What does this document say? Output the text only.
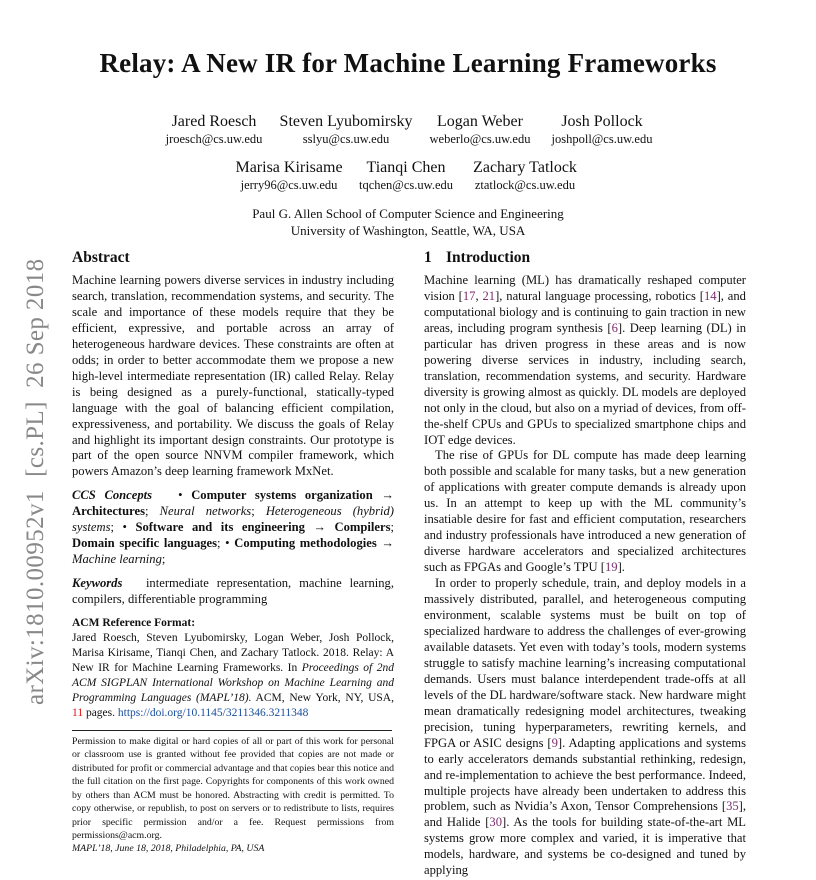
Relay: A New IR for Machine Learning Frameworks
Jared Roesch
jroesch@cs.uw.edu
Steven Lyubomirsky
sslyu@cs.uw.edu
Logan Weber
weberlo@cs.uw.edu
Josh Pollock
joshpoll@cs.uw.edu
Marisa Kirisame
jerry96@cs.uw.edu
Tianqi Chen
tqchen@cs.uw.edu
Zachary Tatlock
ztatlock@cs.uw.edu
Paul G. Allen School of Computer Science and Engineering
University of Washington, Seattle, WA, USA
arXiv:1810.00952v1  [cs.PL]  26 Sep 2018
Abstract

Machine learning powers diverse services in industry including search, translation, recommendation systems, and security. The scale and importance of these models require that they be efficient, expressive, and portable across an array of heterogeneous hardware devices. These constraints are often at odds; in order to better accommodate them we propose a new high-level intermediate representation (IR) called Relay. Relay is being designed as a purely-functional, statically-typed language with the goal of balancing efficient compilation, expressiveness, and portability. We discuss the goals of Relay and highlight its important design constraints. Our prototype is part of the open source NNVM compiler framework, which powers Amazon’s deep learning framework MxNet.

CCS Concepts   • Computer systems organization → Architectures; Neural networks; Heterogeneous (hybrid) systems; • Software and its engineering → Compilers; Domain specific languages; • Computing methodologies → Machine learning;

Keywords intermediate representation, machine learning, compilers, differentiable programming

ACM Reference Format:
Jared Roesch, Steven Lyubomirsky, Logan Weber, Josh Pollock, Marisa Kirisame, Tianqi Chen, and Zachary Tatlock. 2018. Relay: A New IR for Machine Learning Frameworks. In Proceedings of 2nd ACM SIGPLAN International Workshop on Machine Learning and Programming Languages (MAPL’18). ACM, New York, NY, USA, 11 pages. https://doi.org/10.1145/3211346.3211348
Permission to make digital or hard copies of all or part of this work for personal or classroom use is granted without fee provided that copies are not made or distributed for profit or commercial advantage and that copies bear this notice and the full citation on the first page. Copyrights for components of this work owned by others than ACM must be honored. Abstracting with credit is permitted. To copy otherwise, or republish, to post on servers or to redistribute to lists, requires prior specific permission and/or a fee. Request permissions from permissions@acm.org.
MAPL’18, June 18, 2018, Philadelphia, PA, USA
1 Introduction

Machine learning (ML) has dramatically reshaped computer vision [17, 21], natural language processing, robotics [14], and computational biology and is continuing to gain traction in new areas, including program synthesis [6]. Deep learning (DL) in particular has driven progress in these areas and is now powering diverse services in industry, including search, translation, recommendation systems, and security. Hardware diversity is growing almost as quickly. DL models are deployed not only in the cloud, but also on a myriad of devices, from off-the-shelf CPUs and GPUs to specialized smartphone chips and IOT edge devices.

The rise of GPUs for DL compute has made deep learning both possible and scalable for many tasks, but a new generation of applications with greater compute demands is already upon us. In an attempt to keep up with the ML community’s insatiable desire for fast and efficient computation, researchers and industry professionals have introduced a new generation of diverse hardware accelerators and specialized architectures such as FPGAs and Google’s TPU [19].

In order to properly schedule, train, and deploy models in a massively distributed, parallel, and heterogeneous computing environment, scalable systems must be built on top of specialized hardware to address the challenges of ever-growing available datasets. Yet even with today’s tools, modern systems struggle to satisfy machine learning’s increasing computational demands. Users must balance interdependent trade-offs at all levels of the DL hardware/software stack. New hardware might mean dramatically redesigning model architectures, tweaking precision, tuning hyperparameters, rewriting kernels, and FPGA or ASIC designs [9]. Adapting applications and systems to early accelerators demands substantial rethinking, redesign, and re-implementation to achieve the best performance. Indeed, multiple projects have already been undertaken to address this problem, such as Nvidia’s Axon, Tensor Comprehensions [35], and Halide [30]. As the tools for building state-of-the-art ML systems grow more complex and varied, it is imperative that models, hardware, and systems be co-designed and tuned by applying
